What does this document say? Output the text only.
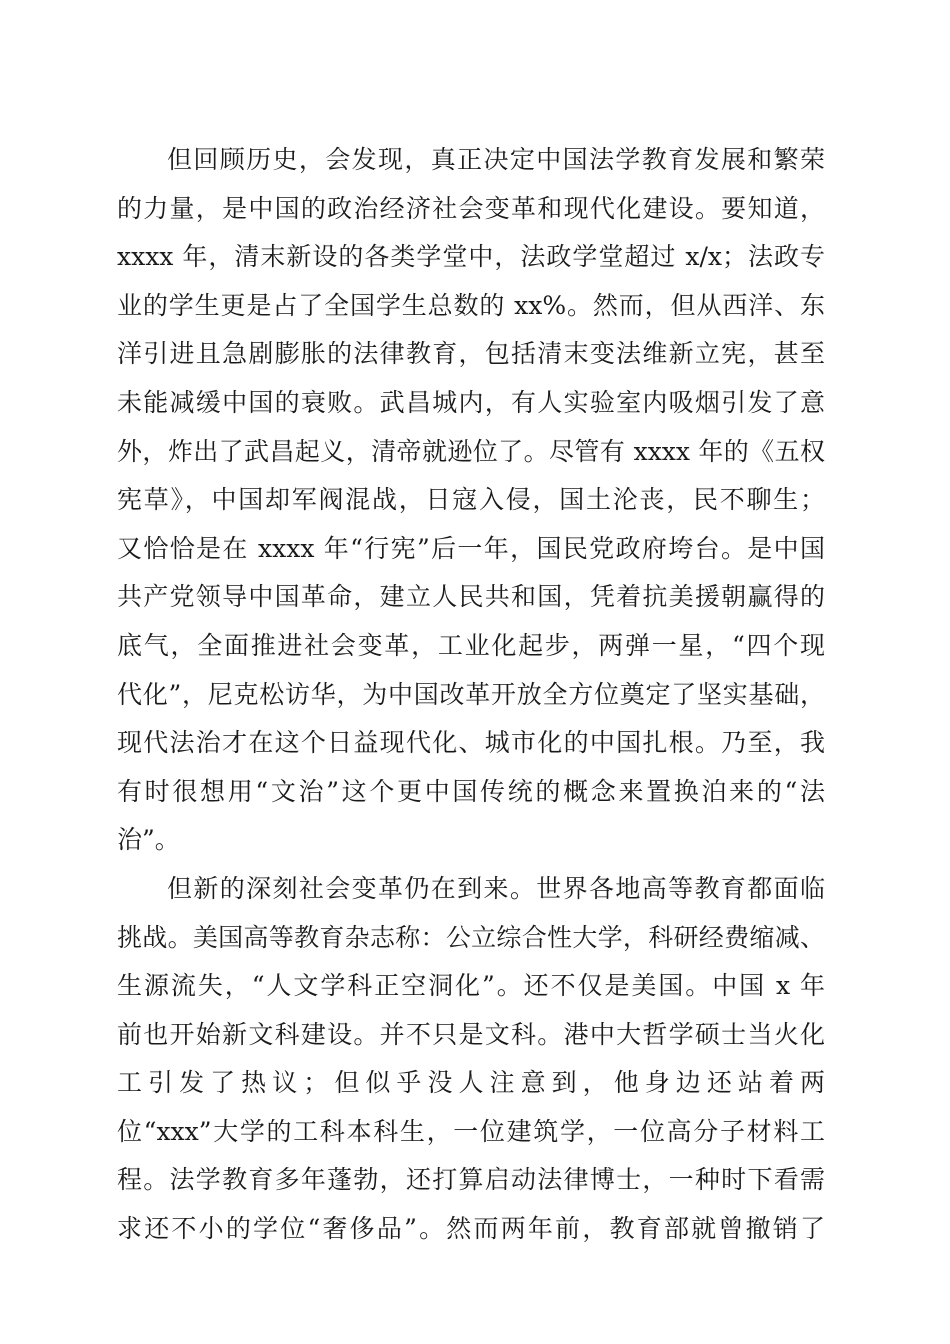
但回顾历史，会发现，真正决定中国法学教育发展和繁荣
的力量，是中国的政治经济社会变革和现代化建设。要知道，
xxxx 年，清末新设的各类学堂中，法政学堂超过 x/x；法政专
业的学生更是占了全国学生总数的 xx%。然而，但从西洋、东
洋引进且急剧膨胀的法律教育，包括清末变法维新立宪，甚至
未能减缓中国的衰败。武昌城内，有人实验室内吸烟引发了意
外，炸出了武昌起义，清帝就逊位了。尽管有 xxxx 年的《五权
宪草》，中国却军阀混战，日寇入侵，国土沦丧，民不聊生；
又恰恰是在 xxxx 年“行宪”后一年，国民党政府垮台。是中国
共产党领导中国革命，建立人民共和国，凭着抗美援朝赢得的
底气，全面推进社会变革，工业化起步，两弹一星，“四个现
代化”，尼克松访华，为中国改革开放全方位奠定了坚实基础，
现代法治才在这个日益现代化、城市化的中国扎根。乃至，我
有时很想用“文治”这个更中国传统的概念来置换泊来的“法
治”。
但新的深刻社会变革仍在到来。世界各地高等教育都面临
挑战。美国高等教育杂志称：公立综合性大学，科研经费缩减、
生源流失，“人文学科正空洞化”。还不仅是美国。中国 x 年
前也开始新文科建设。并不只是文科。港中大哲学硕士当火化
工引发了热议；但似乎没人注意到，他身边还站着两
位“xxx”大学的工科本科生，一位建筑学，一位高分子材料工
程。法学教育多年蓬勃，还打算启动法律博士，一种时下看需
求还不小的学位“奢侈品”。然而两年前，教育部就曾撤销了
